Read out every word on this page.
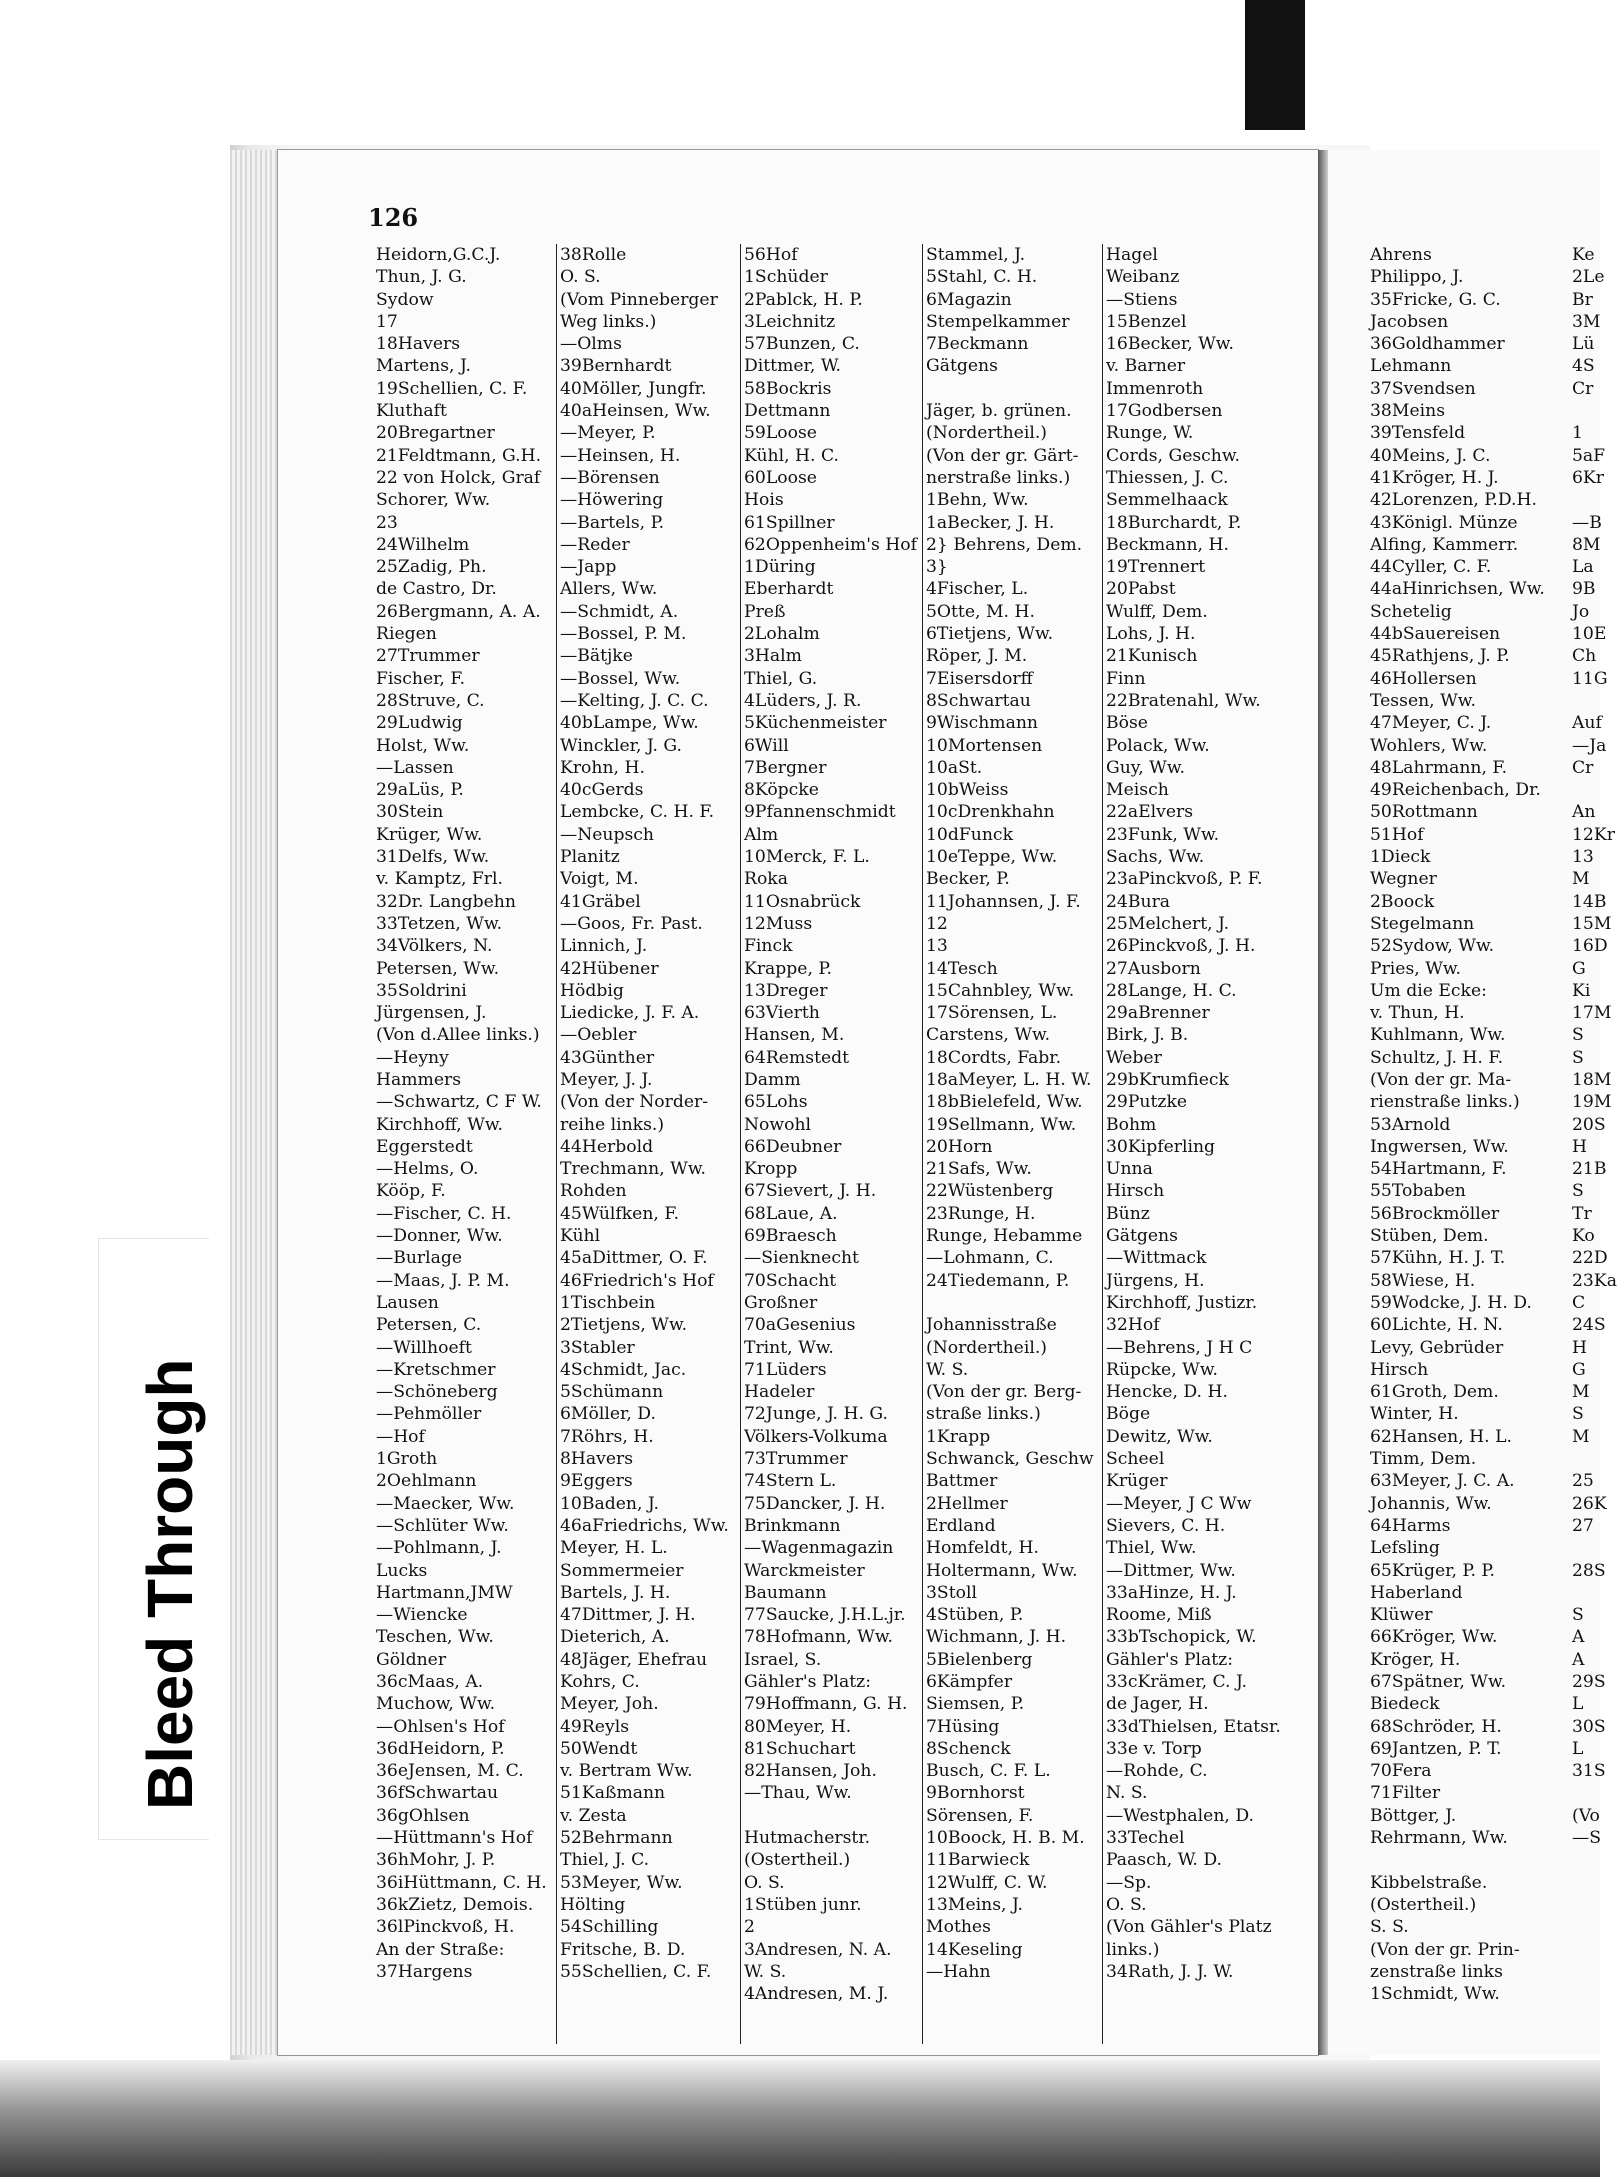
126
Heidorn,G.C.J.
Thun, J. G.
Sydow
17
18Havers
Martens, J.
19Schellien, C. F.
Kluthaft
20Bregartner
21Feldtmann, G.H.
22 von Holck, Graf
Schorer, Ww.
23
24Wilhelm
25Zadig, Ph.
de Castro, Dr.
26Bergmann, A. A.
Riegen
27Trummer
Fischer, F.
28Struve, C.
29Ludwig
Holst, Ww.
—Lassen
29aLüs, P.
30Stein
Krüger, Ww.
31Delfs, Ww.
v. Kamptz, Frl.
32Dr. Langbehn
33Tetzen, Ww.
34Völkers, N.
Petersen, Ww.
35Soldrini
Jürgensen, J.
(Von d.Allee links.)
—Heyny
Hammers
—Schwartz, C F W.
Kirchhoff, Ww.
Eggerstedt
—Helms, O.
Kööp, F.
—Fischer, C. H.
—Donner, Ww.
—Burlage
—Maas, J. P. M.
Lausen
Petersen, C.
—Willhoeft
—Kretschmer
—Schöneberg
—Pehmöller
—Hof
1Groth
2Oehlmann
—Maecker, Ww.
—Schlüter Ww.
—Pohlmann, J.
Lucks
Hartmann,JMW
—Wiencke
Teschen, Ww.
Göldner
36cMaas, A.
Muchow, Ww.
—Ohlsen's Hof
36dHeidorn, P.
36eJensen, M. C.
36fSchwartau
36gOhlsen
—Hüttmann's Hof
36hMohr, J. P.
36iHüttmann, C. H.
36kZietz, Demois.
36lPinckvoß, H.
An der Straße:
37Hargens
38Rolle
O. S.
(Vom Pinneberger
Weg links.)
—Olms
39Bernhardt
40Möller, Jungfr.
40aHeinsen, Ww.
—Meyer, P.
—Heinsen, H.
—Börensen
—Höwering
—Bartels, P.
—Reder
—Japp
Allers, Ww.
—Schmidt, A.
—Bossel, P. M.
—Bätjke
—Bossel, Ww.
—Kelting, J. C. C.
40bLampe, Ww.
Winckler, J. G.
Krohn, H.
40cGerds
Lembcke, C. H. F.
—Neupsch
Planitz
Voigt, M.
41Gräbel
—Goos, Fr. Past.
Linnich, J.
42Hübener
Hödbig
Liedicke, J. F. A.
—Oebler
43Günther
Meyer, J. J.
(Von der Norder-
reihe links.)
44Herbold
Trechmann, Ww.
Rohden
45Wülfken, F.
Kühl
45aDittmer, O. F.
46Friedrich's Hof
1Tischbein
2Tietjens, Ww.
3Stabler
4Schmidt, Jac.
5Schümann
6Möller, D.
7Röhrs, H.
8Havers
9Eggers
10Baden, J.
46aFriedrichs, Ww.
Meyer, H. L.
Sommermeier
Bartels, J. H.
47Dittmer, J. H.
Dieterich, A.
48Jäger, Ehefrau
Kohrs, C.
Meyer, Joh.
49Reyls
50Wendt
v. Bertram Ww.
51Kaßmann
v. Zesta
52Behrmann
Thiel, J. C.
53Meyer, Ww.
Hölting
54Schilling
Fritsche, B. D.
55Schellien, C. F.
56Hof
1Schüder
2Pablck, H. P.
3Leichnitz
57Bunzen, C.
Dittmer, W.
58Bockris
Dettmann
59Loose
Kühl, H. C.
60Loose
Hois
61Spillner
62Oppenheim's Hof
1Düring
Eberhardt
Preß
2Lohalm
3Halm
Thiel, G.
4Lüders, J. R.
5Küchenmeister
6Will
7Bergner
8Köpcke
9Pfannenschmidt
Alm
10Merck, F. L.
Roka
11Osnabrück
12Muss
Finck
Krappe, P.
13Dreger
63Vierth
Hansen, M.
64Remstedt
Damm
65Lohs
Nowohl
66Deubner
Kropp
67Sievert, J. H.
68Laue, A.
69Braesch
—Sienknecht
70Schacht
Großner
70aGesenius
Trint, Ww.
71Lüders
Hadeler
72Junge, J. H. G.
Völkers-Volkuma
73Trummer
74Stern L.
75Dancker, J. H.
Brinkmann
—Wagenmagazin
Warckmeister
Baumann
77Saucke, J.H.L.jr.
78Hofmann, Ww.
Israel, S.
Gähler's Platz:
79Hoffmann, G. H.
80Meyer, H.
81Schuchart
82Hansen, Joh.
—Thau, Ww.
Hutmacherstr.
(Ostertheil.)
O. S.
1Stüben junr.
2
3Andresen, N. A.
W. S.
4Andresen, M. J.
Stammel, J.
5Stahl, C. H.
6Magazin
Stempelkammer
7Beckmann
Gätgens
Jäger, b. grünen.
(Nordertheil.)
(Von der gr. Gärt-
nerstraße links.)
1Behn, Ww.
1aBecker, J. H.
2} Behrens, Dem.
3}
4Fischer, L.
5Otte, M. H.
6Tietjens, Ww.
Röper, J. M.
7Eisersdorff
8Schwartau
9Wischmann
10Mortensen
10aSt.
10bWeiss
10cDrenkhahn
10dFunck
10eTeppe, Ww.
Becker, P.
11Johannsen, J. F.
12
13
14Tesch
15Cahnbley, Ww.
17Sörensen, L.
Carstens, Ww.
18Cordts, Fabr.
18aMeyer, L. H. W.
18bBielefeld, Ww.
19Sellmann, Ww.
20Horn
21Safs, Ww.
22Wüstenberg
23Runge, H.
Runge, Hebamme
—Lohmann, C.
24Tiedemann, P.
Johannisstraße
(Nordertheil.)
W. S.
(Von der gr. Berg-
straße links.)
1Krapp
Schwanck, Geschw
Battmer
2Hellmer
Erdland
Homfeldt, H.
Holtermann, Ww.
3Stoll
4Stüben, P.
Wichmann, J. H.
5Bielenberg
6Kämpfer
Siemsen, P.
7Hüsing
8Schenck
Busch, C. F. L.
9Bornhorst
Sörensen, F.
10Boock, H. B. M.
11Barwieck
12Wulff, C. W.
13Meins, J.
Mothes
14Keseling
—Hahn
Hagel
Weibanz
—Stiens
15Benzel
16Becker, Ww.
v. Barner
Immenroth
17Godbersen
Runge, W.
Cords, Geschw.
Thiessen, J. C.
Semmelhaack
18Burchardt, P.
Beckmann, H.
19Trennert
20Pabst
Wulff, Dem.
Lohs, J. H.
21Kunisch
Finn
22Bratenahl, Ww.
Böse
Polack, Ww.
Guy, Ww.
Meisch
22aElvers
23Funk, Ww.
Sachs, Ww.
23aPinckvoß, P. F.
24Bura
25Melchert, J.
26Pinckvoß, J. H.
27Ausborn
28Lange, H. C.
29aBrenner
Birk, J. B.
Weber
29bKrumfieck
29Putzke
Bohm
30Kipferling
Unna
Hirsch
Bünz
Gätgens
—Wittmack
Jürgens, H.
Kirchhoff, Justizr.
32Hof
—Behrens, J H C
Rüpcke, Ww.
Hencke, D. H.
Böge
Dewitz, Ww.
Scheel
Krüger
—Meyer, J C Ww
Sievers, C. H.
Thiel, Ww.
—Dittmer, Ww.
33aHinze, H. J.
Roome, Miß
33bTschopick, W.
Gähler's Platz:
33cKrämer, C. J.
de Jager, H.
33dThielsen, Etatsr.
33e v. Torp
—Rohde, C.
N. S.
—Westphalen, D.
33Techel
Paasch, W. D.
—Sp.
O. S.
(Von Gähler's Platz
links.)
34Rath, J. J. W.
Ahrens
Philippo, J.
35Fricke, G. C.
Jacobsen
36Goldhammer
Lehmann
37Svendsen
38Meins
39Tensfeld
40Meins, J. C.
41Kröger, H. J.
42Lorenzen, P.D.H.
43Königl. Münze
Alfing, Kammerr.
44Cyller, C. F.
44aHinrichsen, Ww.
Schetelig
44bSauereisen
45Rathjens, J. P.
46Hollersen
Tessen, Ww.
47Meyer, C. J.
Wohlers, Ww.
48Lahrmann, F.
49Reichenbach, Dr.
50Rottmann
51Hof
1Dieck
Wegner
2Boock
Stegelmann
52Sydow, Ww.
Pries, Ww.
Um die Ecke:
v. Thun, H.
Kuhlmann, Ww.
Schultz, J. H. F.
(Von der gr. Ma-
rienstraße links.)
53Arnold
Ingwersen, Ww.
54Hartmann, F.
55Tobaben
56Brockmöller
Stüben, Dem.
57Kühn, H. J. T.
58Wiese, H.
59Wodcke, J. H. D.
60Lichte, H. N.
Levy, Gebrüder
Hirsch
61Groth, Dem.
Winter, H.
62Hansen, H. L.
Timm, Dem.
63Meyer, J. C. A.
Johannis, Ww.
64Harms
Lefsling
65Krüger, P. P.
Haberland
Klüwer
66Kröger, Ww.
Kröger, H.
67Spätner, Ww.
Biedeck
68Schröder, H.
69Jantzen, P. T.
70Fera
71Filter
Böttger, J.
Rehrmann, Ww.
Kibbelstraße.
(Ostertheil.)
S. S.
(Von der gr. Prin-
zenstraße links
1Schmidt, Ww.
Ke
2Le
Br
3M
Lü
4S
Cr
1
5aF
6Kr
—B
8M
La
9B
Jo
10E
Ch
11G
Auf
—Ja
Cr
An
12Kr
13
M
14B
15M
16D
G
Ki
17M
S
S
18M
19M
20S
H
21B
S
Tr
Ko
22D
23Ka
C
24S
H
G
M
S
M
25
26K
27
28S
S
A
A
29S
L
30S
L
31S
(Vo
—S
Bleed Through
